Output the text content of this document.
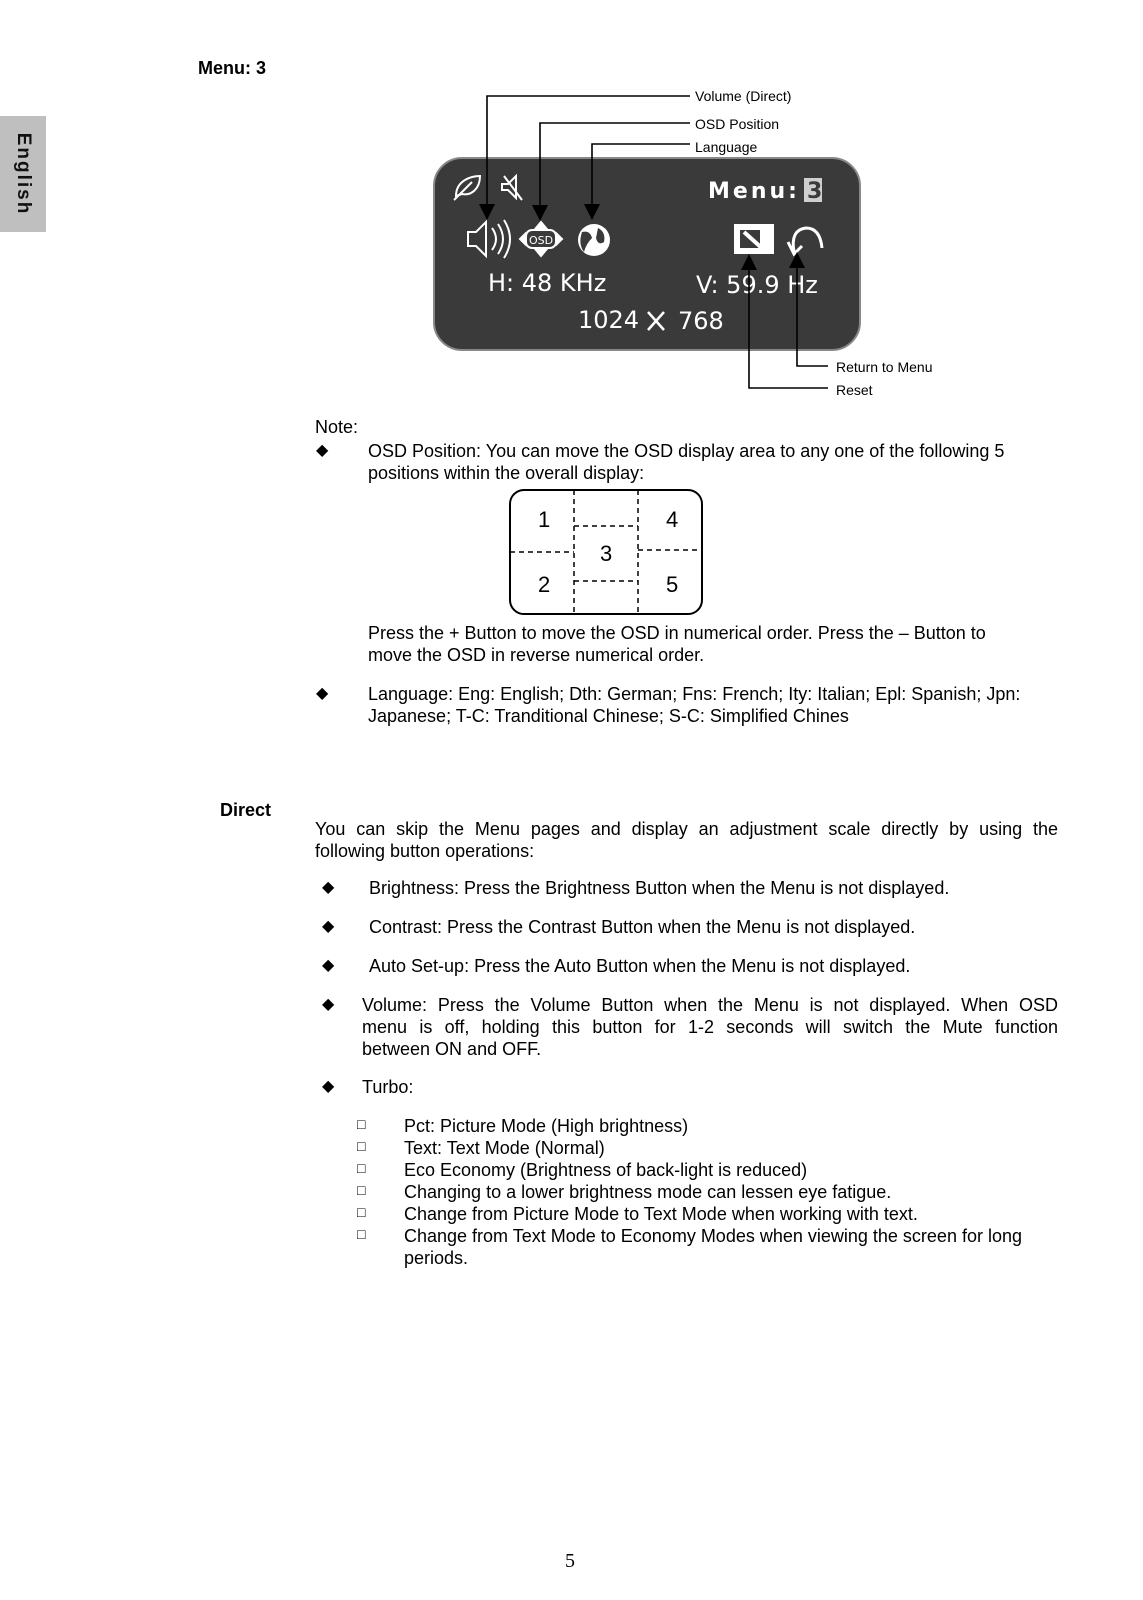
English
Menu: 3
Menu: 3
OSD
H: 48 KHz	V: 59.9 Hz
1024 768
Volume (Direct)
OSD Position
Language
Return to Menu
Reset
Note:
◆ OSD Position: You can move the OSD display area to any one of the following 5
positions within the overall display:
1
2
3
4
5
Press the + Button to move the OSD in numerical order. Press the – Button to
move the OSD in reverse numerical order.
◆ Language: Eng: English; Dth: German; Fns: French; Ity: Italian; Epl: Spanish; Jpn:
Japanese; T-C: Tranditional Chinese; S-C: Simplified Chines
Direct
You can skip the Menu pages and display an adjustment scale directly by using the
following button operations:
◆ Brightness: Press the Brightness Button when the Menu is not displayed.
◆ Contrast: Press the Contrast Button when the Menu is not displayed.
◆ Auto Set-up: Press the Auto Button when the Menu is not displayed.
◆ Volume: Press the Volume Button when the Menu is not displayed. When OSD
menu is off, holding this button for 1-2 seconds will switch the Mute function
between ON and OFF.
◆ Turbo:
□ Pct: Picture Mode (High brightness)
□ Text: Text Mode (Normal)
□ Eco Economy (Brightness of back-light is reduced)
□ Changing to a lower brightness mode can lessen eye fatigue.
□ Change from Picture Mode to Text Mode when working with text.
□ Change from Text Mode to Economy Modes when viewing the screen for long
periods.
5
